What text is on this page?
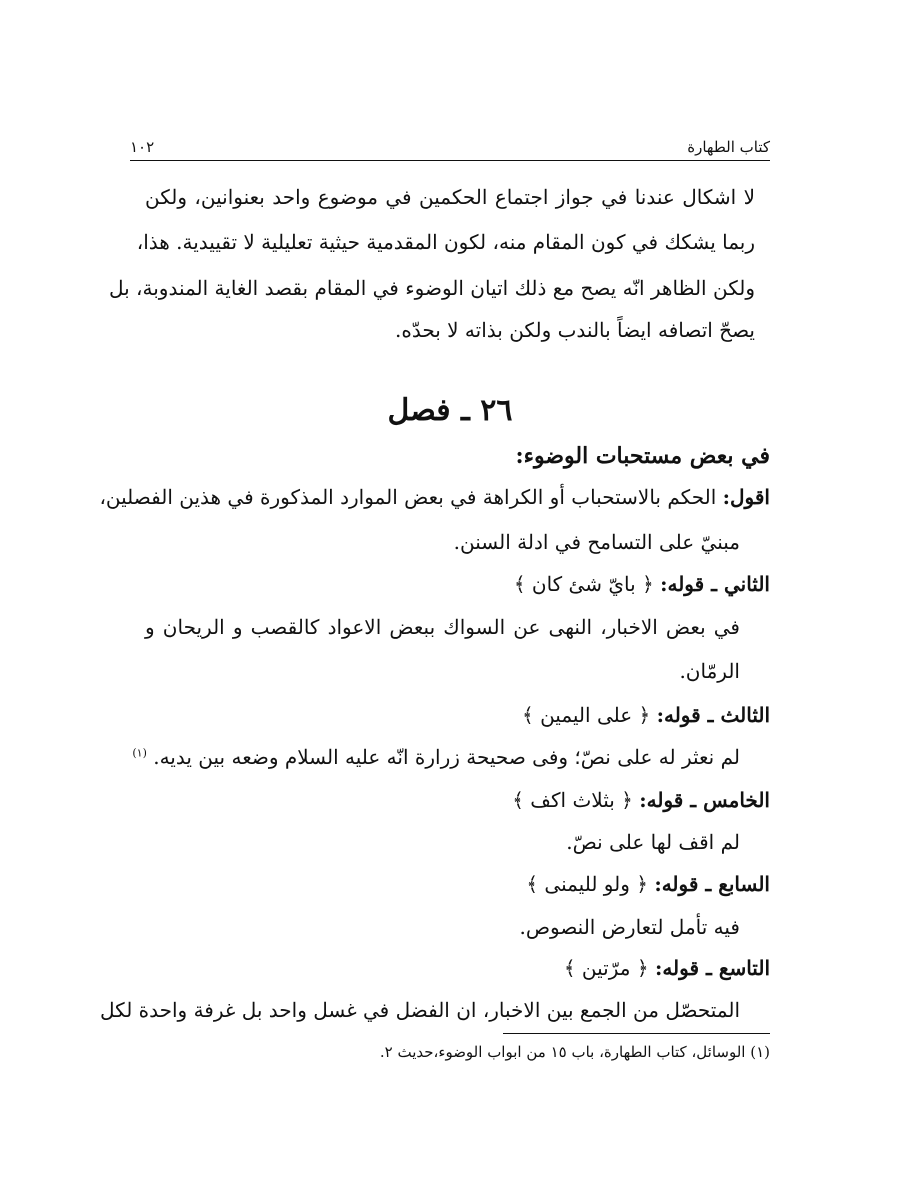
كتاب الطهارة
١٠٢
لا اشكال عندنا في جواز اجتماع الحكمين في موضوع واحد بعنوانين، ولكن
ربما يشكك في كون المقام منه، لكون المقدمية حيثية تعليلية لا تقييدية. هذا،
ولكن الظاهر انّه يصح مع ذلك اتيان الوضوء في المقام بقصد الغاية المندوبة، بل
يصحّ اتصافه ايضاً بالندب ولكن بذاته لا بحدّه.
٢٦ ـ فصل
في بعض مستحبات الوضوء:
اقول: الحكم بالاستحباب أو الكراهة في بعض الموارد المذكورة في هذين الفصلين،
مبنيّ على التسامح في ادلة السنن.
الثاني ـ قوله: ﴿ بايّ شئ كان ﴾
في بعض الاخبار، النهى عن السواك ببعض الاعواد كالقصب و الريحان و
الرمّان.
الثالث ـ قوله: ﴿ على اليمين ﴾
لم نعثر له على نصّ؛ وفى صحيحة زرارة انّه عليه السلام وضعه بين يديه. $^{(١)}$
الخامس ـ قوله: ﴿ بثلاث اكف ﴾
لم اقف لها على نصّ.
السابع ـ قوله: ﴿ ولو لليمنى ﴾
فيه تأمل لتعارض النصوص.
التاسع ـ قوله: ﴿ مرّتين ﴾
المتحصّل من الجمع بين الاخبار، ان الفضل في غسل واحد بل غرفة واحدة لكل
(١) الوسائل، كتاب الطهارة، باب ١٥ من ابواب الوضوء،حديث ٢.
